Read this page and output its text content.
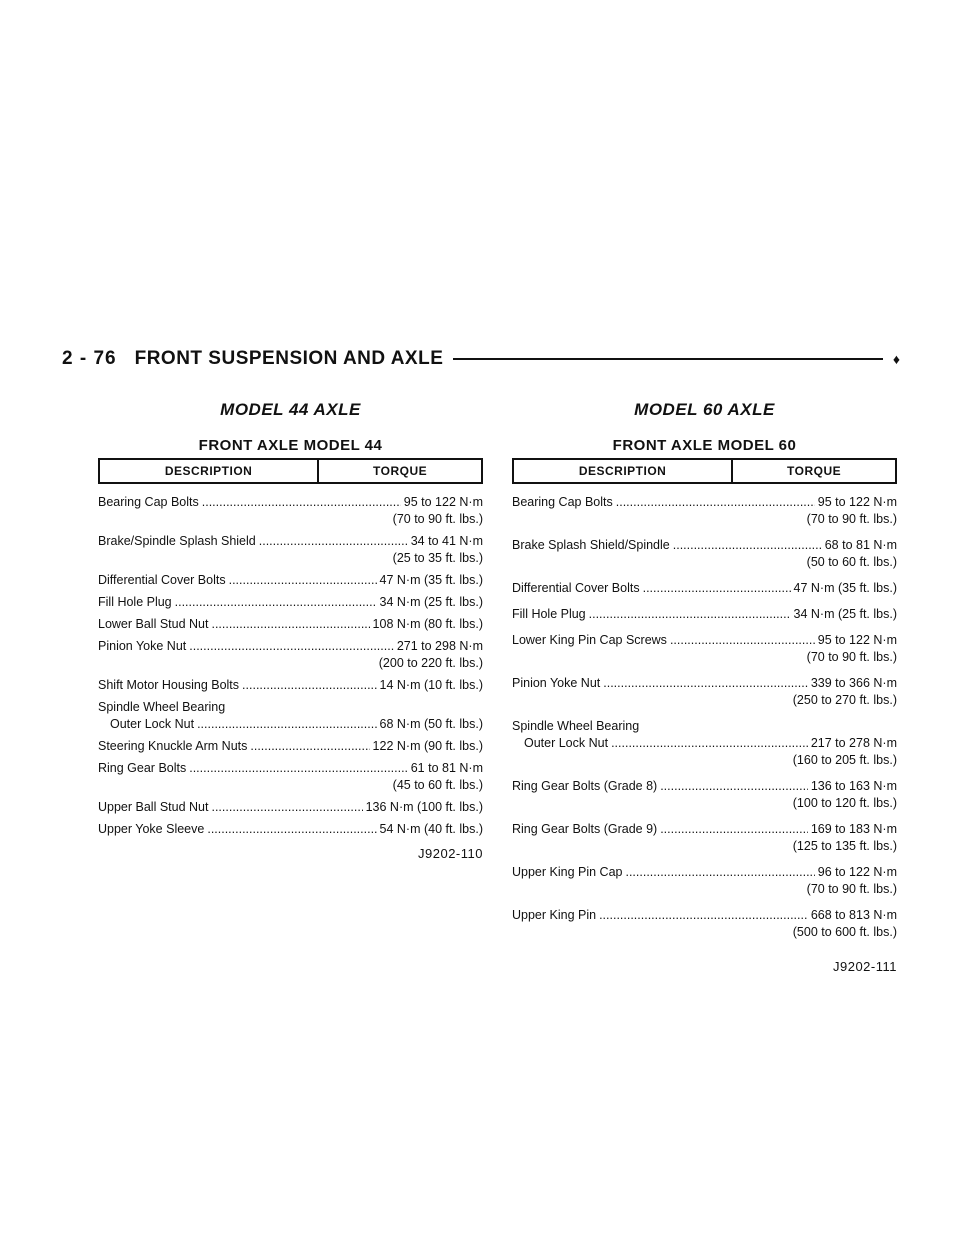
2 - 76 FRONT SUSPENSION AND AXLE	♦
MODEL 44 AXLE
FRONT AXLE MODEL 44
DESCRIPTION	TORQUE
Bearing Cap Bolts .....	95 to 122 N·m
(70 to 90 ft. lbs.)
Brake/Spindle Splash Shield .....	34 to 41 N·m
(25 to 35 ft. lbs.)
Differential Cover Bolts .....	47 N·m (35 ft. lbs.)
Fill Hole Plug .....	34 N·m (25 ft. lbs.)
Lower Ball Stud Nut .....	108 N·m (80 ft. lbs.)
Pinion Yoke Nut .....	271 to 298 N·m
(200 to 220 ft. lbs.)
Shift Motor Housing Bolts .....	14 N·m (10 ft. lbs.)
Spindle Wheel Bearing
Outer Lock Nut .....	68 N·m (50 ft. lbs.)
Steering Knuckle Arm Nuts .....	122 N·m (90 ft. lbs.)
Ring Gear Bolts .....	61 to 81 N·m
(45 to 60 ft. lbs.)
Upper Ball Stud Nut .....	136 N·m (100 ft. lbs.)
Upper Yoke Sleeve .....	54 N·m (40 ft. lbs.)
J9202-110
MODEL 60 AXLE
FRONT AXLE MODEL 60
DESCRIPTION	TORQUE
Bearing Cap Bolts .....	95 to 122 N·m
(70 to 90 ft. lbs.)
Brake Splash Shield/Spindle .....	68 to 81 N·m
(50 to 60 ft. lbs.)
Differential Cover Bolts .....	47 N·m (35 ft. lbs.)
Fill Hole Plug .....	34 N·m (25 ft. lbs.)
Lower King Pin Cap Screws .....	95 to 122 N·m
(70 to 90 ft. lbs.)
Pinion Yoke Nut .....	339 to 366 N·m
(250 to 270 ft. lbs.)
Spindle Wheel Bearing
Outer Lock Nut .....	217 to 278 N·m
(160 to 205 ft. lbs.)
Ring Gear Bolts (Grade 8) .....	136 to 163 N·m
(100 to 120 ft. lbs.)
Ring Gear Bolts (Grade 9) .....	169 to 183 N·m
(125 to 135 ft. lbs.)
Upper King Pin Cap .....	96 to 122 N·m
(70 to 90 ft. lbs.)
Upper King Pin .....	668 to 813 N·m
(500 to 600 ft. lbs.)
J9202-111
